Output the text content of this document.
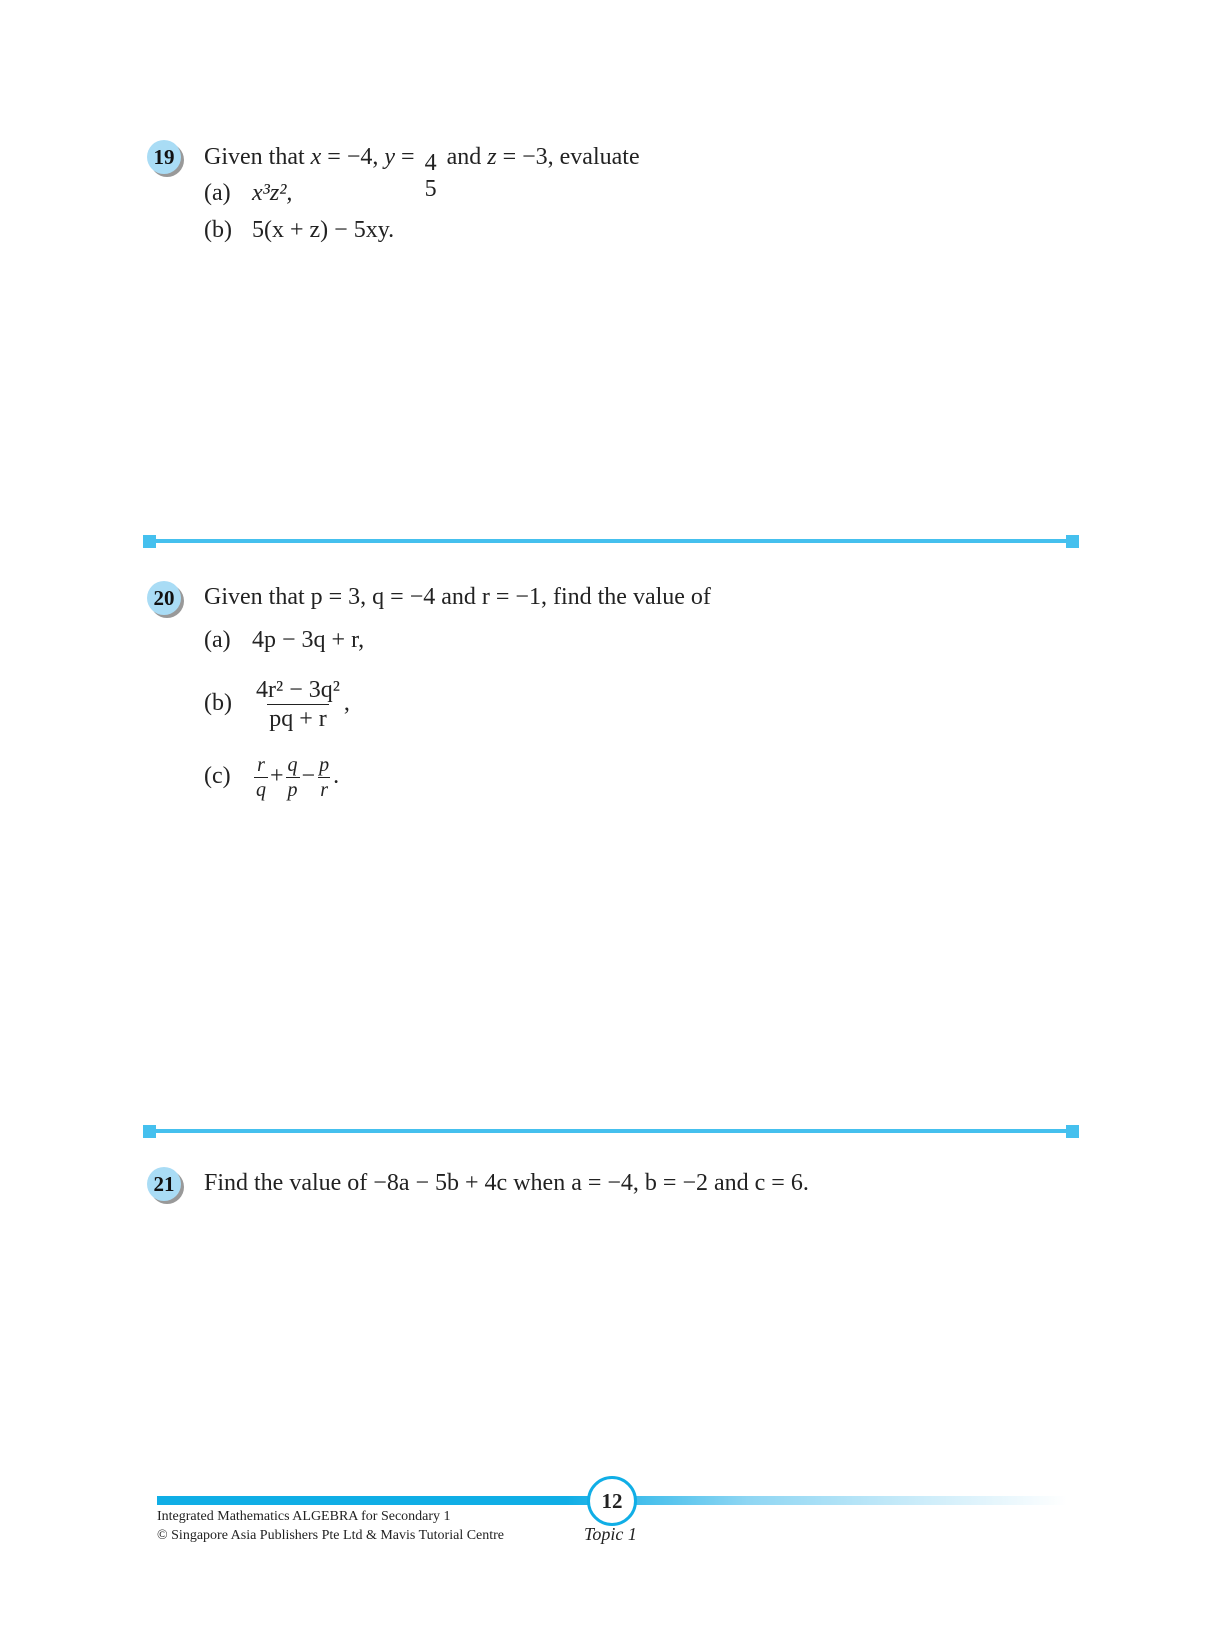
19 Given that x = −4, y = 4
5
and z = −3, evaluate
(a) x³z²,
(b) 5(x + z) − 5xy.
20 Given that p = 3, q = −4 and r = −1, find the value of
(a) 4p − 3q + r,
$(b) \frac{\text{4r² − 3q²}}{pq + r}$ ,
$(c) \frac{r}{q} + \frac{q}{p} - \frac{p}{r}$ .
21 Find the value of −8a − 5b + 4c when a = −4, b = −2 and c = 6.
12
Integrated Mathematics ALGEBRA for Secondary 1
© Singapore Asia Publishers Pte Ltd & Mavis Tutorial Centre	Topic 1
